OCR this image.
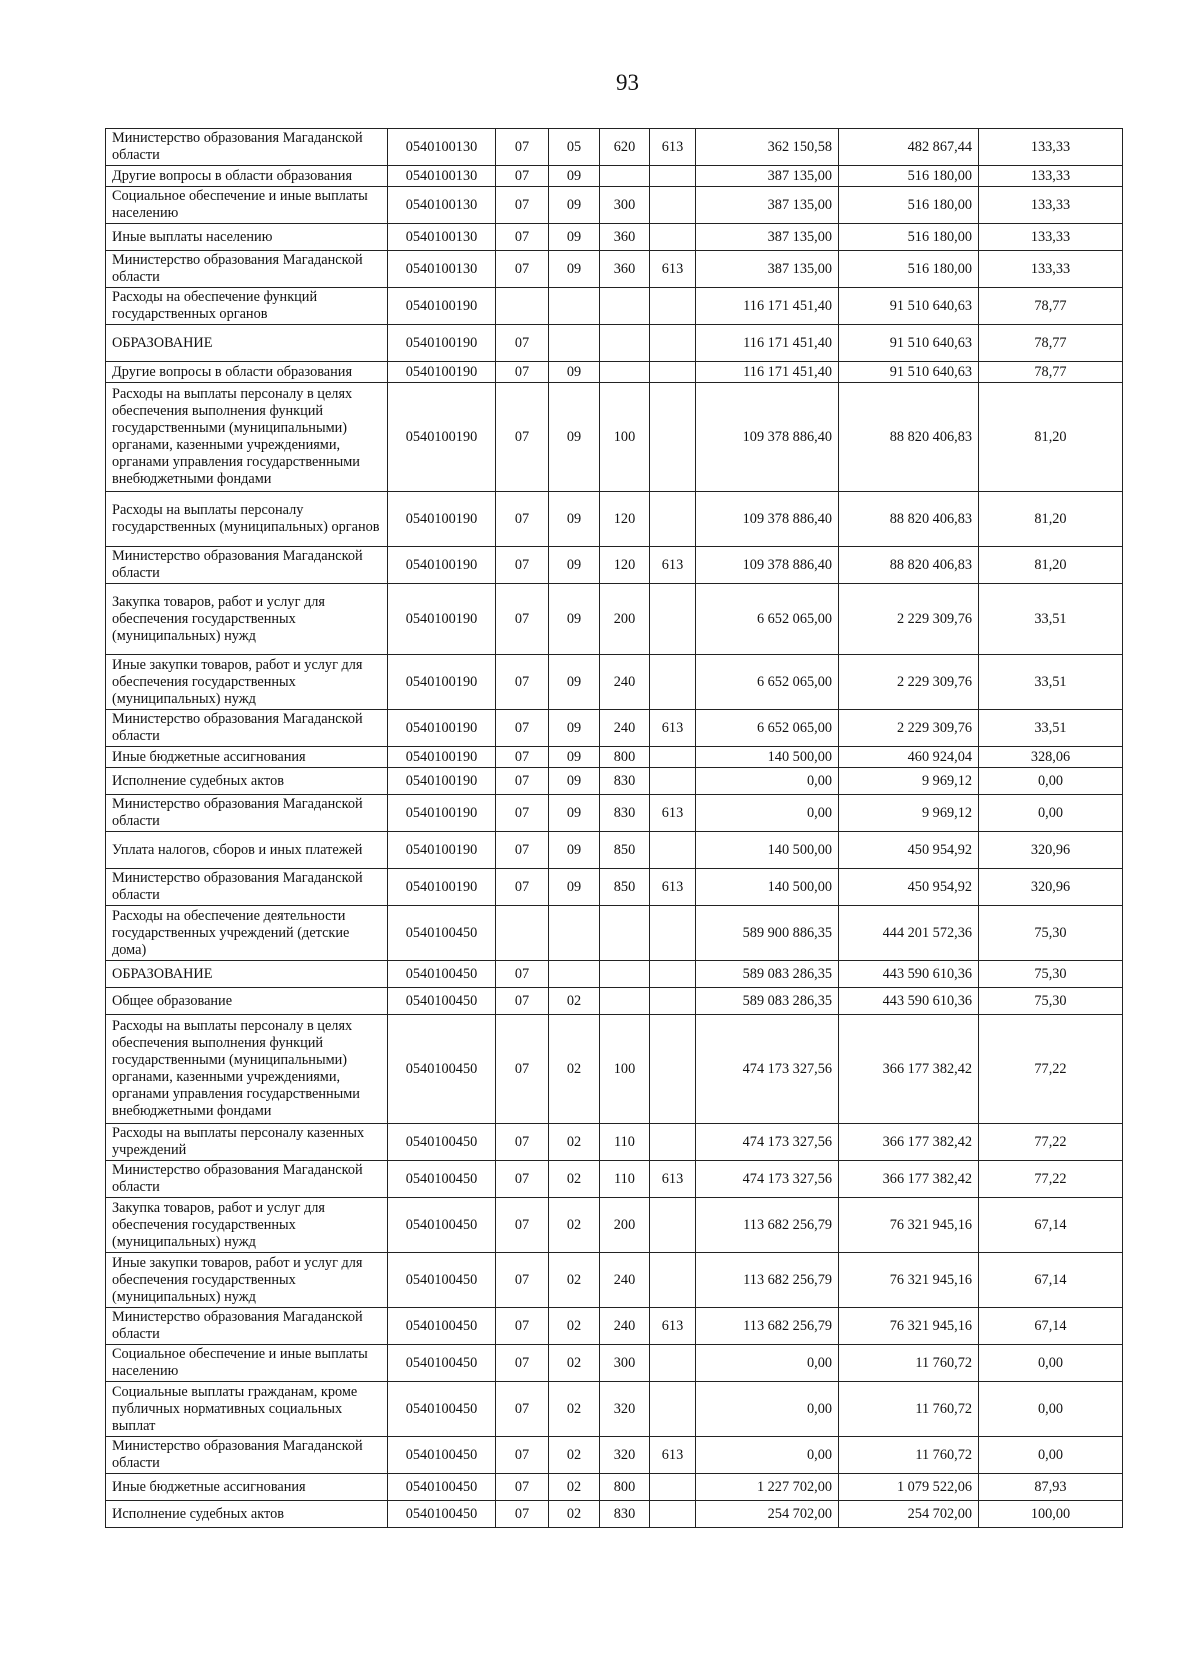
93
Министерство образования Магаданской области	0540100130	07	05	620	613	362 150,58	482 867,44	133,33
Другие вопросы в области образования	0540100130	07	09			387 135,00	516 180,00	133,33
Социальное обеспечение и иные выплаты населению	0540100130	07	09	300		387 135,00	516 180,00	133,33
Иные выплаты населению	0540100130	07	09	360		387 135,00	516 180,00	133,33
Министерство образования Магаданской области	0540100130	07	09	360	613	387 135,00	516 180,00	133,33
Расходы на обеспечение функций государственных органов	0540100190					116 171 451,40	91 510 640,63	78,77
ОБРАЗОВАНИЕ	0540100190	07				116 171 451,40	91 510 640,63	78,77
Другие вопросы в области образования	0540100190	07	09			116 171 451,40	91 510 640,63	78,77
Расходы на выплаты персоналу в целях обеспечения выполнения функций государственными (муниципальными) органами, казенными учреждениями, органами управления государственными внебюджетными фондами	0540100190	07	09	100		109 378 886,40	88 820 406,83	81,20
Расходы на выплаты персоналу государственных (муниципальных) органов	0540100190	07	09	120		109 378 886,40	88 820 406,83	81,20
Министерство образования Магаданской области	0540100190	07	09	120	613	109 378 886,40	88 820 406,83	81,20
Закупка товаров, работ и услуг для обеспечения государственных (муниципальных) нужд	0540100190	07	09	200		6 652 065,00	2 229 309,76	33,51
Иные закупки товаров, работ и услуг для обеспечения государственных (муниципальных) нужд	0540100190	07	09	240		6 652 065,00	2 229 309,76	33,51
Министерство образования Магаданской области	0540100190	07	09	240	613	6 652 065,00	2 229 309,76	33,51
Иные бюджетные ассигнования	0540100190	07	09	800		140 500,00	460 924,04	328,06
Исполнение судебных актов	0540100190	07	09	830		0,00	9 969,12	0,00
Министерство образования Магаданской области	0540100190	07	09	830	613	0,00	9 969,12	0,00
Уплата налогов, сборов и иных платежей	0540100190	07	09	850		140 500,00	450 954,92	320,96
Министерство образования Магаданской области	0540100190	07	09	850	613	140 500,00	450 954,92	320,96
Расходы на обеспечение деятельности государственных учреждений (детские дома)	0540100450					589 900 886,35	444 201 572,36	75,30
ОБРАЗОВАНИЕ	0540100450	07				589 083 286,35	443 590 610,36	75,30
Общее образование	0540100450	07	02			589 083 286,35	443 590 610,36	75,30
Расходы на выплаты персоналу в целях обеспечения выполнения функций государственными (муниципальными) органами, казенными учреждениями, органами управления государственными внебюджетными фондами	0540100450	07	02	100		474 173 327,56	366 177 382,42	77,22
Расходы на выплаты персоналу казенных учреждений	0540100450	07	02	110		474 173 327,56	366 177 382,42	77,22
Министерство образования Магаданской области	0540100450	07	02	110	613	474 173 327,56	366 177 382,42	77,22
Закупка товаров, работ и услуг для обеспечения государственных (муниципальных) нужд	0540100450	07	02	200		113 682 256,79	76 321 945,16	67,14
Иные закупки товаров, работ и услуг для обеспечения государственных (муниципальных) нужд	0540100450	07	02	240		113 682 256,79	76 321 945,16	67,14
Министерство образования Магаданской области	0540100450	07	02	240	613	113 682 256,79	76 321 945,16	67,14
Социальное обеспечение и иные выплаты населению	0540100450	07	02	300		0,00	11 760,72	0,00
Социальные выплаты гражданам, кроме публичных нормативных социальных выплат	0540100450	07	02	320		0,00	11 760,72	0,00
Министерство образования Магаданской области	0540100450	07	02	320	613	0,00	11 760,72	0,00
Иные бюджетные ассигнования	0540100450	07	02	800		1 227 702,00	1 079 522,06	87,93
Исполнение судебных актов	0540100450	07	02	830		254 702,00	254 702,00	100,00
